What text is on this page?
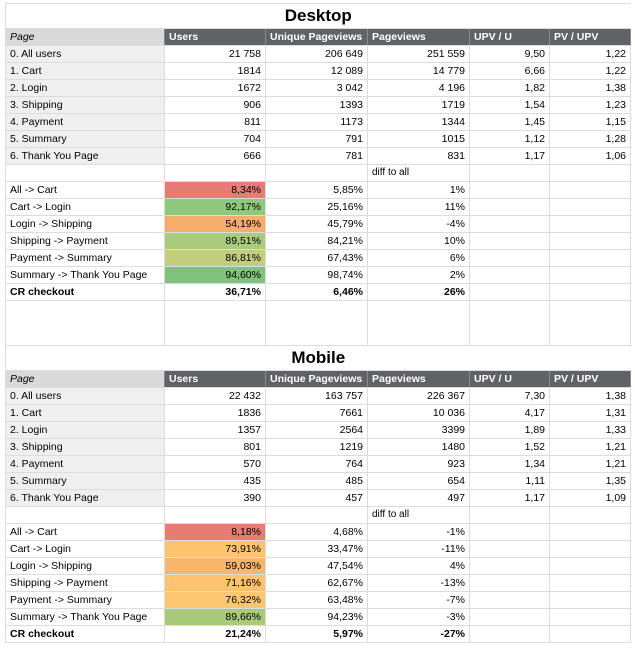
Desktop					
Page	Users	Unique Pageviews	Pageviews	UPV / U	PV / UPV
0. All users	21 758	206 649	251 559	9,50	1,22
1. Cart	1814	12 089	14 779	6,66	1,22
2. Login	1672	3 042	4 196	1,82	1,38
3. Shipping	906	1393	1719	1,54	1,23
4. Payment	811	1173	1344	1,45	1,15
5. Summary	704	791	1015	1,12	1,28
6. Thank You Page	666	781	831	1,17	1,06
			diff to all		
All -> Cart	8,34%	5,85%	1%		
Cart -> Login	92,17%	25,16%	11%		
Login -> Shipping	54,19%	45,79%	-4%		
Shipping -> Payment	89,51%	84,21%	10%		
Payment -> Summary	86,81%	67,43%	6%		
Summary -> Thank You Page	94,60%	98,74%	2%		
CR checkout	36,71%	6,46%	26%		

Mobile					
Page	Users	Unique Pageviews	Pageviews	UPV / U	PV / UPV
0. All users	22 432	163 757	226 367	7,30	1,38
1. Cart	1836	7661	10 036	4,17	1,31
2. Login	1357	2564	3399	1,89	1,33
3. Shipping	801	1219	1480	1,52	1,21
4. Payment	570	764	923	1,34	1,21
5. Summary	435	485	654	1,11	1,35
6. Thank You Page	390	457	497	1,17	1,09
			diff to all		
All -> Cart	8,18%	4,68%	-1%		
Cart -> Login	73,91%	33,47%	-11%		
Login -> Shipping	59,03%	47,54%	4%		
Shipping -> Payment	71,16%	62,67%	-13%		
Payment -> Summary	76,32%	63,48%	-7%		
Summary -> Thank You Page	89,66%	94,23%	-3%		
CR checkout	21,24%	5,97%	-27%		
